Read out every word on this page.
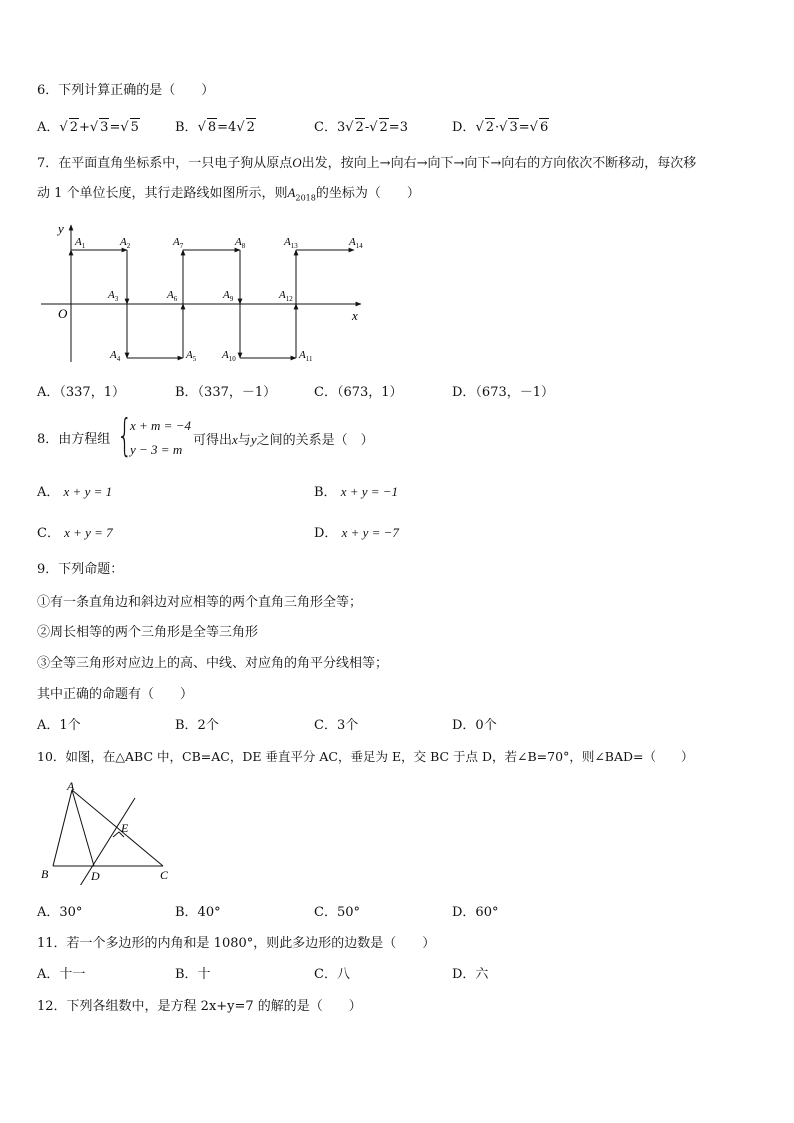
6．下列计算正确的是（　　）
A．√ 2+√ 3=√ 5	B．√ 8=4√ 2	C．3√ 2-√ 2=3	D．√ 2·√ 3=√ 6
7．在平面直角坐标系中，一只电子狗从原点O出发，按向上→向右→向下→向下→向右的方向依次不断移动，每次移
动 1 个单位长度，其行走路线如图所示，则$A_{2018}$的坐标为（　　）
y
x
O
$A_1$	$A_2$
$A_3$
$A_4$	$A_5$
$A_6$
$A_7$	$A_8$
$A_9$
$A_{10}$	$A_{11}$
$A_{12}$
$A_{13}$	$A_{14}$
A．（337，1）	B．（337，－1）	C．（673，1）	D．（673，－1）
8．由方程组 {
x + m = −4
y − 3 = m
可得出x与y之间的关系是（　）
A． x + y = 1	B． x + y = −1
C． x + y = 7	D． x + y = −7
9．下列命题：
①有一条直角边和斜边对应相等的两个直角三角形全等；
②周长相等的两个三角形是全等三角形
③全等三角形对应边上的高、中线、对应角的角平分线相等；
其中正确的命题有（　　）
A．1个	B．2个	C．3个	D．0个
10．如图，在△ABC 中，CB=AC，DE 垂直平分 AC，垂足为 E，交 BC 于点 D，若∠B=70°，则∠BAD=（　　）
A
B	C
D
E
A．30°	B．40°	C．50°	D．60°
11．若一个多边形的内角和是 1080°，则此多边形的边数是（　　）
A．十一	B．十	C．八	D．六
12．下列各组数中，是方程 2x+y=7 的解的是（　　）
